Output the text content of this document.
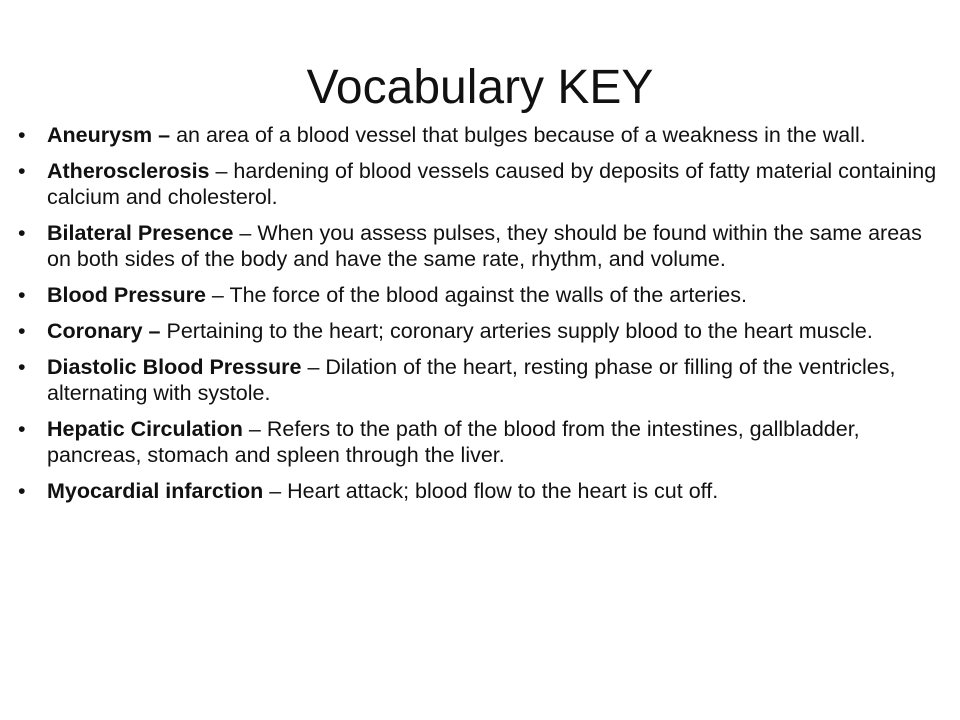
Vocabulary KEY
• Aneurysm – an area of a blood vessel that bulges because of a weakness in the wall.
• Atherosclerosis – hardening of blood vessels caused by deposits of fatty material containing calcium and cholesterol.
• Bilateral Presence – When you assess pulses, they should be found within the same areas on both sides of the body and have the same rate, rhythm, and volume.
• Blood Pressure – The force of the blood against the walls of the arteries.
• Coronary – Pertaining to the heart; coronary arteries supply blood to the heart muscle.
• Diastolic Blood Pressure – Dilation of the heart, resting phase or filling of the ventricles, alternating with systole.
• Hepatic Circulation – Refers to the path of the blood from the intestines, gallbladder, pancreas, stomach and spleen through the liver.
• Myocardial infarction – Heart attack; blood flow to the heart is cut off.
